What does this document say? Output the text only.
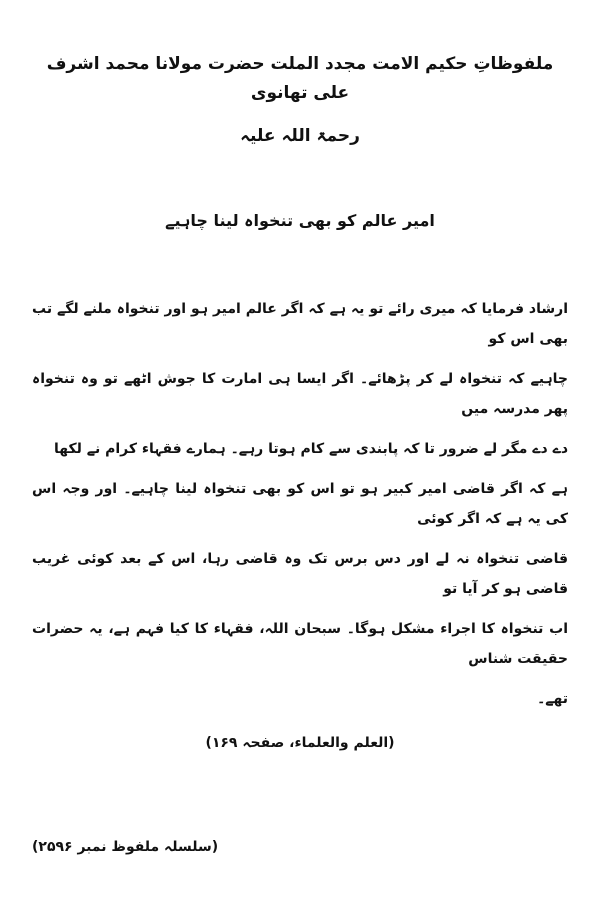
ملفوظاتِ حکیم الامت مجدد الملت حضرت مولانا محمد اشرف علی تھانوی
رحمۃ اللہ علیہ
امیر عالم کو بھی تنخواہ لینا چاہیے
ارشاد فرمایا کہ میری رائے تو یہ ہے کہ اگر عالم امیر ہو اور تنخواہ ملنے لگے تب بھی اس کو
چاہیے کہ تنخواہ لے کر پڑھائے۔ اگر ایسا ہی امارت کا جوش اٹھے تو وہ تنخواہ پھر مدرسہ میں
دے دے مگر لے ضرور تا کہ پابندی سے کام ہوتا رہے۔ ہمارے فقہاء کرام نے لکھا
ہے کہ اگر قاضی امیر کبیر ہو تو اس کو بھی تنخواہ لینا چاہیے۔ اور وجہ اس کی یہ ہے کہ اگر کوئی
قاضی تنخواہ نہ لے اور دس برس تک وہ قاضی رہا، اس کے بعد کوئی غریب قاضی ہو کر آیا تو
اب تنخواہ کا اجراء مشکل ہوگا۔ سبحان اللہ، فقہاء کا کیا فہم ہے، یہ حضرات حقیقت شناس
تھے۔
(العلم والعلماء، صفحہ ۱۶۹)
(سلسلہ ملفوظ نمبر ۲۵۹۶)
